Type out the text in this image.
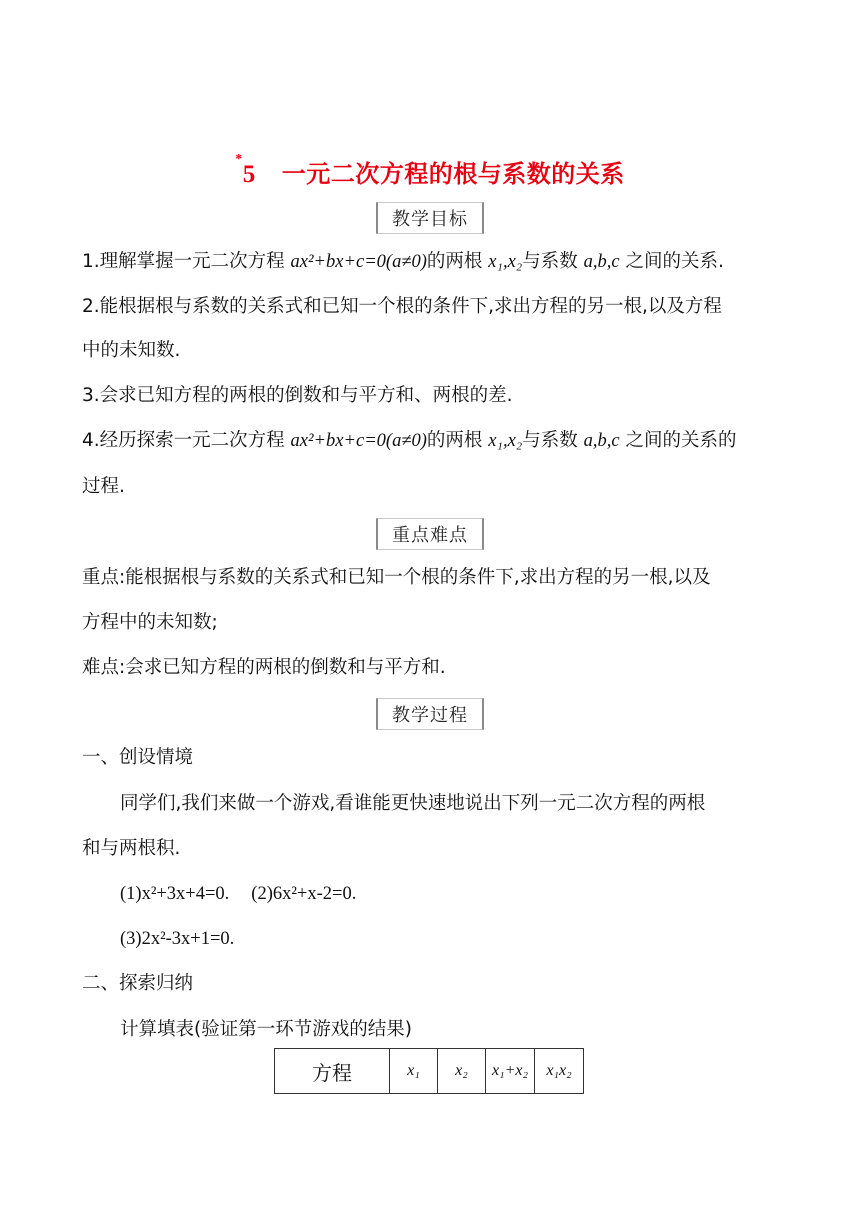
*5 一元二次方程的根与系数的关系
教学目标
1.理解掌握一元二次方程 ax²+bx+c=0(a≠0)的两根 x₁,x₂与系数 a,b,c 之间的关系.
2.能根据根与系数的关系式和已知一个根的条件下,求出方程的另一根,以及方程
中的未知数.
3.会求已知方程的两根的倒数和与平方和、两根的差.
4.经历探索一元二次方程 ax²+bx+c=0(a≠0)的两根 x₁,x₂与系数 a,b,c 之间的关系的
过程.
重点难点
重点:能根据根与系数的关系式和已知一个根的条件下,求出方程的另一根,以及
方程中的未知数;
难点:会求已知方程的两根的倒数和与平方和.
教学过程
一、创设情境
同学们,我们来做一个游戏,看谁能更快速地说出下列一元二次方程的两根
和与两根积.
(1)x²+3x+4=0. (2)6x²+x-2=0.
(3)2x²-3x+1=0.
二、探索归纳
计算填表(验证第一环节游戏的结果)
方程	x₁	x₂	x₁+x₂	x₁x₂
